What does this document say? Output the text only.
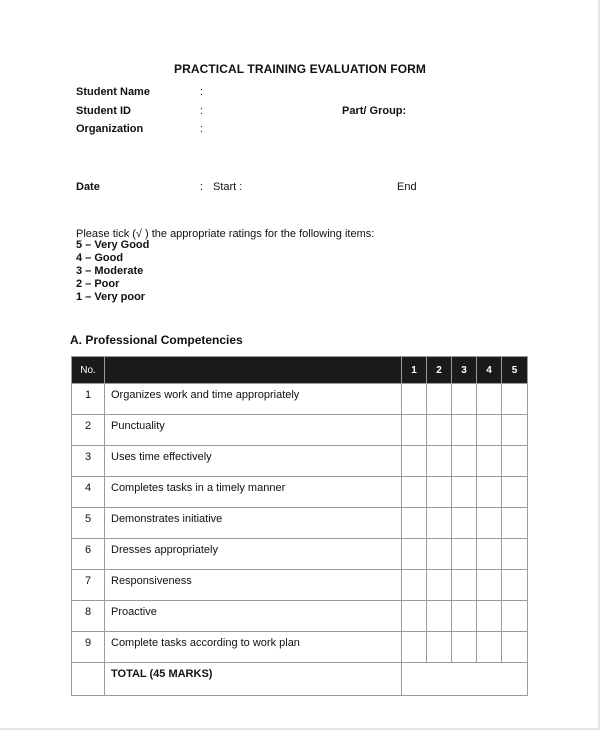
PRACTICAL TRAINING EVALUATION FORM
Student Name	:
Student ID	:	Part/ Group:
Organization	:
Date	: Start :	End
Please tick (√ ) the appropriate ratings for the following items:
5 – Very Good
4 – Good
3 – Moderate
2 – Poor
1 – Very poor
A. Professional Competencies
No.		1	2	3	4	5
1	Organizes work and time appropriately					
2	Punctuality					
3	Uses time effectively					
4	Completes tasks in a timely manner					
5	Demonstrates initiative					
6	Dresses appropriately					
7	Responsiveness					
8	Proactive					
9	Complete tasks according to work plan					
	TOTAL (45 MARKS)					
